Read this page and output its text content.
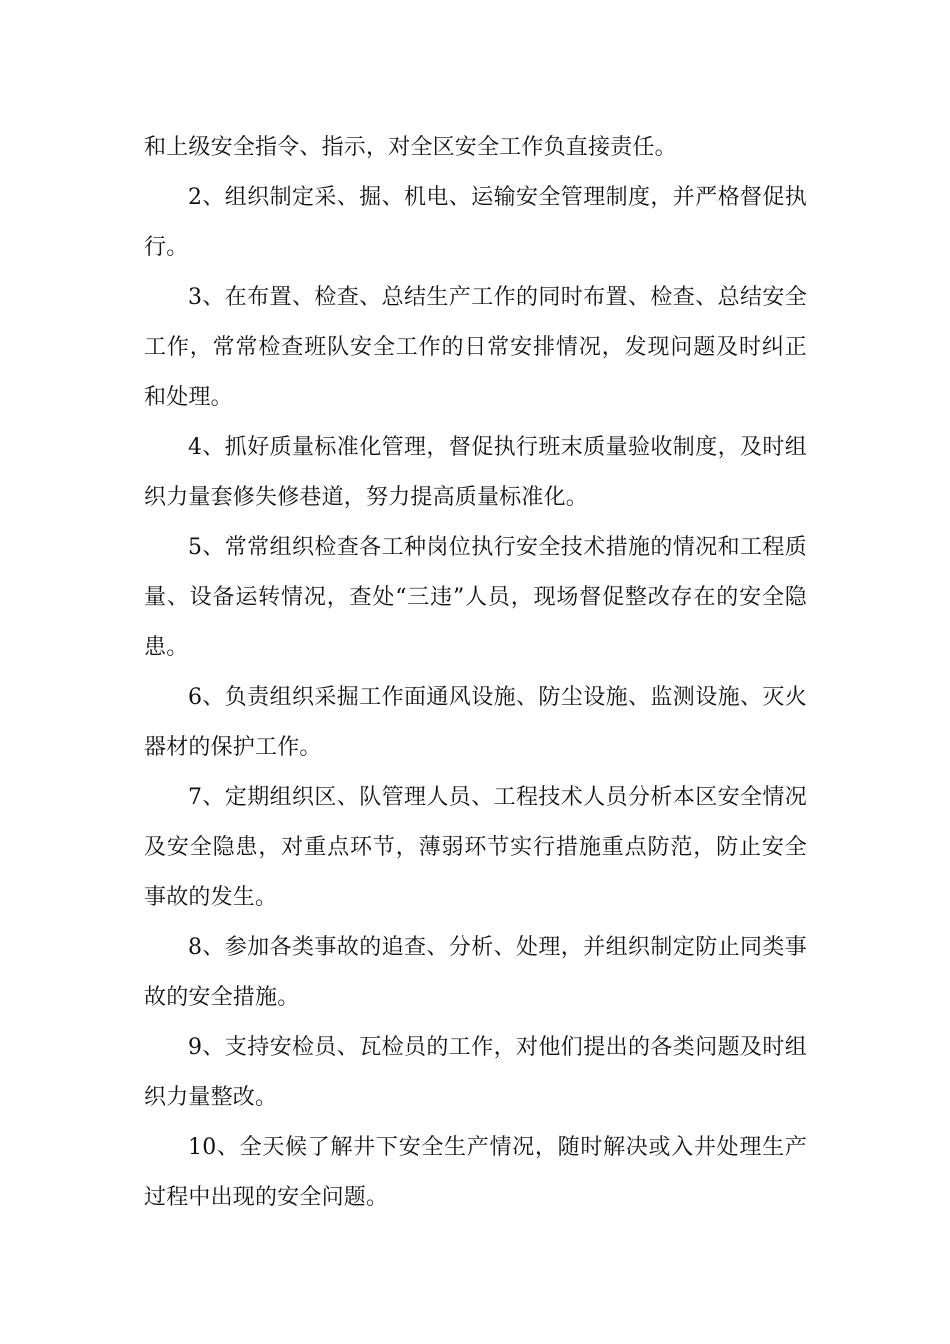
和上级安全指令、指示，对全区安全工作负直接责任。

2、组织制定采、掘、机电、运输安全管理制度，并严格督促执行。

3、在布置、检查、总结生产工作的同时布置、检查、总结安全工作，常常检查班队安全工作的日常安排情况，发现问题及时纠正和处理。

4、抓好质量标准化管理，督促执行班末质量验收制度，及时组织力量套修失修巷道，努力提高质量标准化。

5、常常组织检查各工种岗位执行安全技术措施的情况和工程质量、设备运转情况，查处“三违”人员，现场督促整改存在的安全隐患。

6、负责组织采掘工作面通风设施、防尘设施、监测设施、灭火器材的保护工作。

7、定期组织区、队管理人员、工程技术人员分析本区安全情况及安全隐患，对重点环节，薄弱环节实行措施重点防范，防止安全事故的发生。

8、参加各类事故的追查、分析、处理，并组织制定防止同类事故的安全措施。

9、支持安检员、瓦检员的工作，对他们提出的各类问题及时组织力量整改。

10、全天候了解井下安全生产情况，随时解决或入井处理生产过程中出现的安全问题。
